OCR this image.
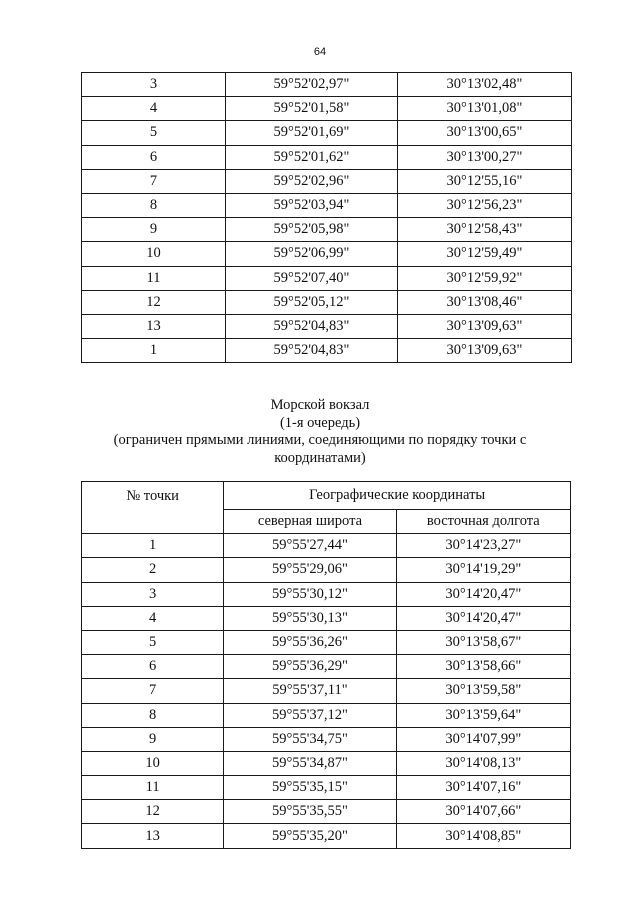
64
3	59°52'02,97"	30°13'02,48"
4	59°52'01,58"	30°13'01,08"
5	59°52'01,69"	30°13'00,65"
6	59°52'01,62"	30°13'00,27"
7	59°52'02,96"	30°12'55,16"
8	59°52'03,94"	30°12'56,23"
9	59°52'05,98"	30°12'58,43"
10	59°52'06,99"	30°12'59,49"
11	59°52'07,40"	30°12'59,92"
12	59°52'05,12"	30°13'08,46"
13	59°52'04,83"	30°13'09,63"
1	59°52'04,83"	30°13'09,63"
Морской вокзал
(1-я очередь)
(ограничен прямыми линиями, соединяющими по порядку точки с
координатами)
№ точки	Географические координаты	
	северная широта	восточная долгота
1	59°55'27,44"	30°14'23,27"
2	59°55'29,06"	30°14'19,29"
3	59°55'30,12"	30°14'20,47"
4	59°55'30,13"	30°14'20,47"
5	59°55'36,26"	30°13'58,67"
6	59°55'36,29"	30°13'58,66"
7	59°55'37,11"	30°13'59,58"
8	59°55'37,12"	30°13'59,64"
9	59°55'34,75"	30°14'07,99"
10	59°55'34,87"	30°14'08,13"
11	59°55'35,15"	30°14'07,16"
12	59°55'35,55"	30°14'07,66"
13	59°55'35,20"	30°14'08,85"
